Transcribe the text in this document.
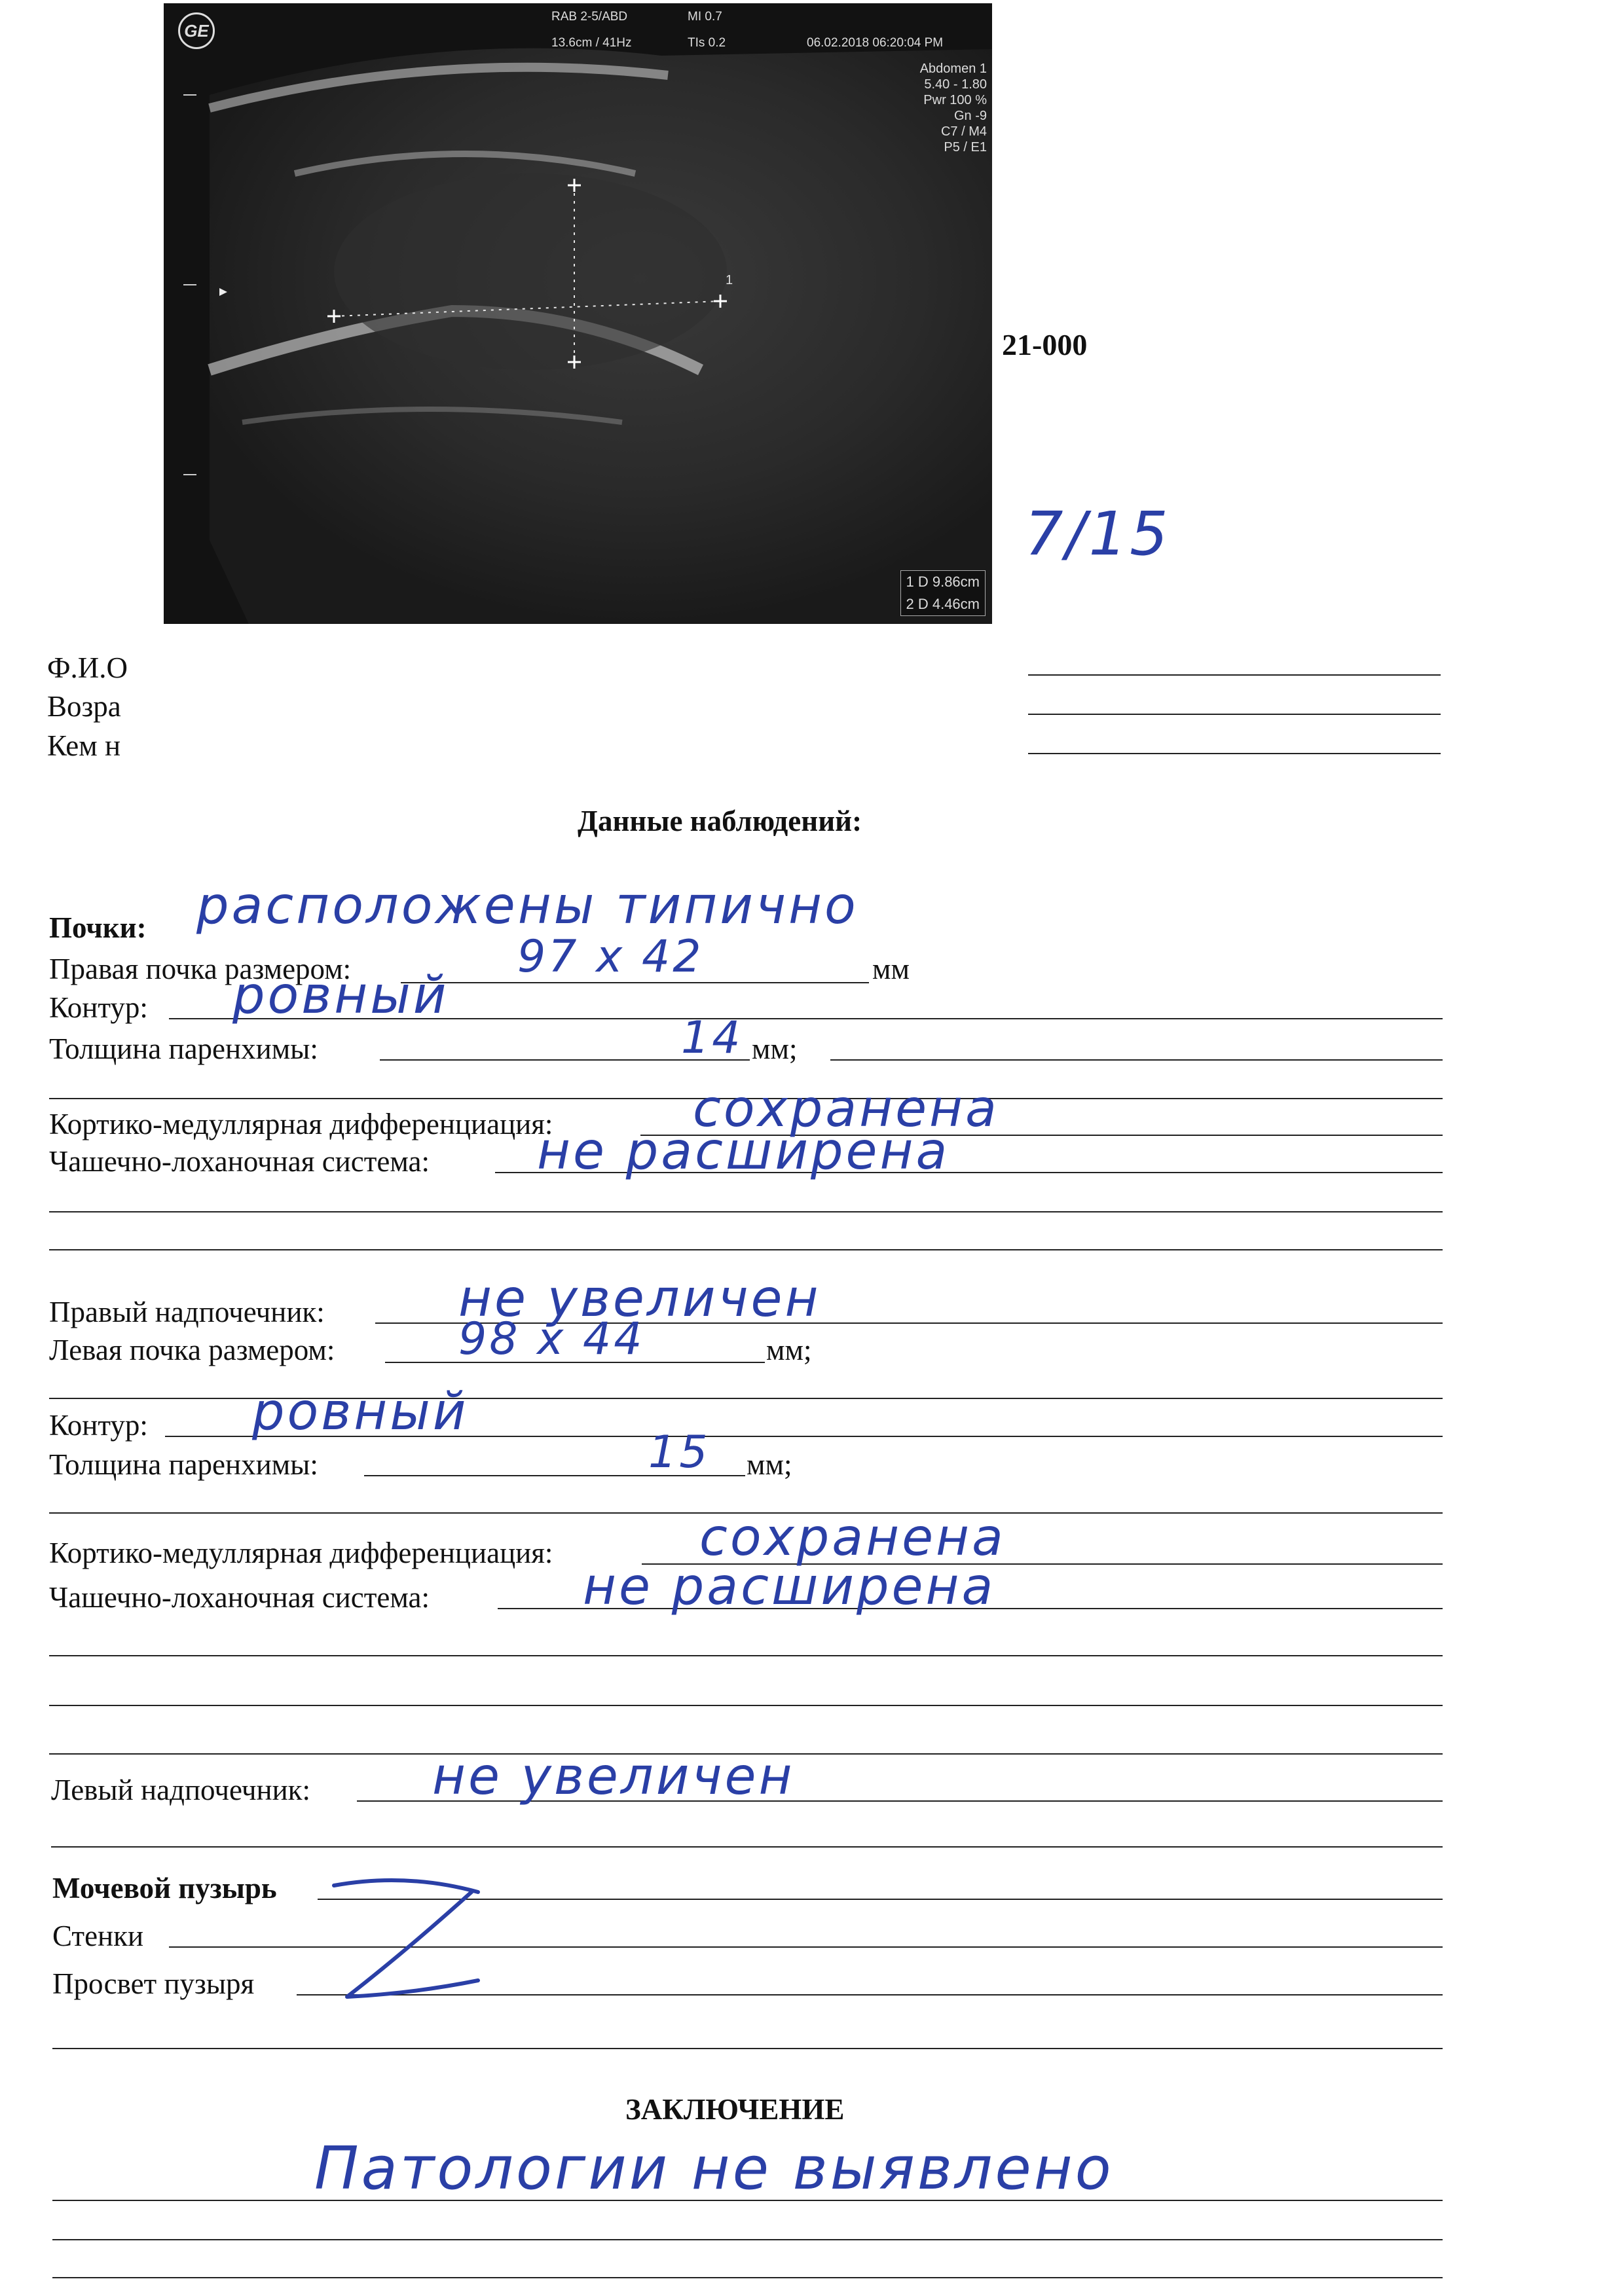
21-000
7/15
Ф.И.О
Возра
Кем н
GE
RAB 2-5/ABD
13.6cm / 41Hz
MI 0.7
TIs 0.2	06.02.2018 06:20:04 PM
Abdomen 1
5.40 - 1.80
Pwr 100 %
Gn -9
C7 / M4
P5 / E1
1
1 D 9.86cm
2 D 4.46cm
Данные наблюдений:
Почки: расположены типично
Правая почка размером:	97 x 42	мм
Контур: ровный
Толщина паренхимы:	14 мм;
Кортико-медуллярная дифференциация:	сохранена
Чашечно-лоханочная система: не расширена
Правый надпочечник:	не увеличен
Левая почка размером:	98 x 44	мм;
Контур: ровный
Толщина паренхимы:	15 мм;
Кортико-медуллярная дифференциация:	сохранена
Чашечно-лоханочная система:	не расширена
Левый надпочечник: не увеличен
Мочевой пузырь
Стенки
Просвет пузыря
ЗАКЛЮЧЕНИЕ
Патологии не выявлено
